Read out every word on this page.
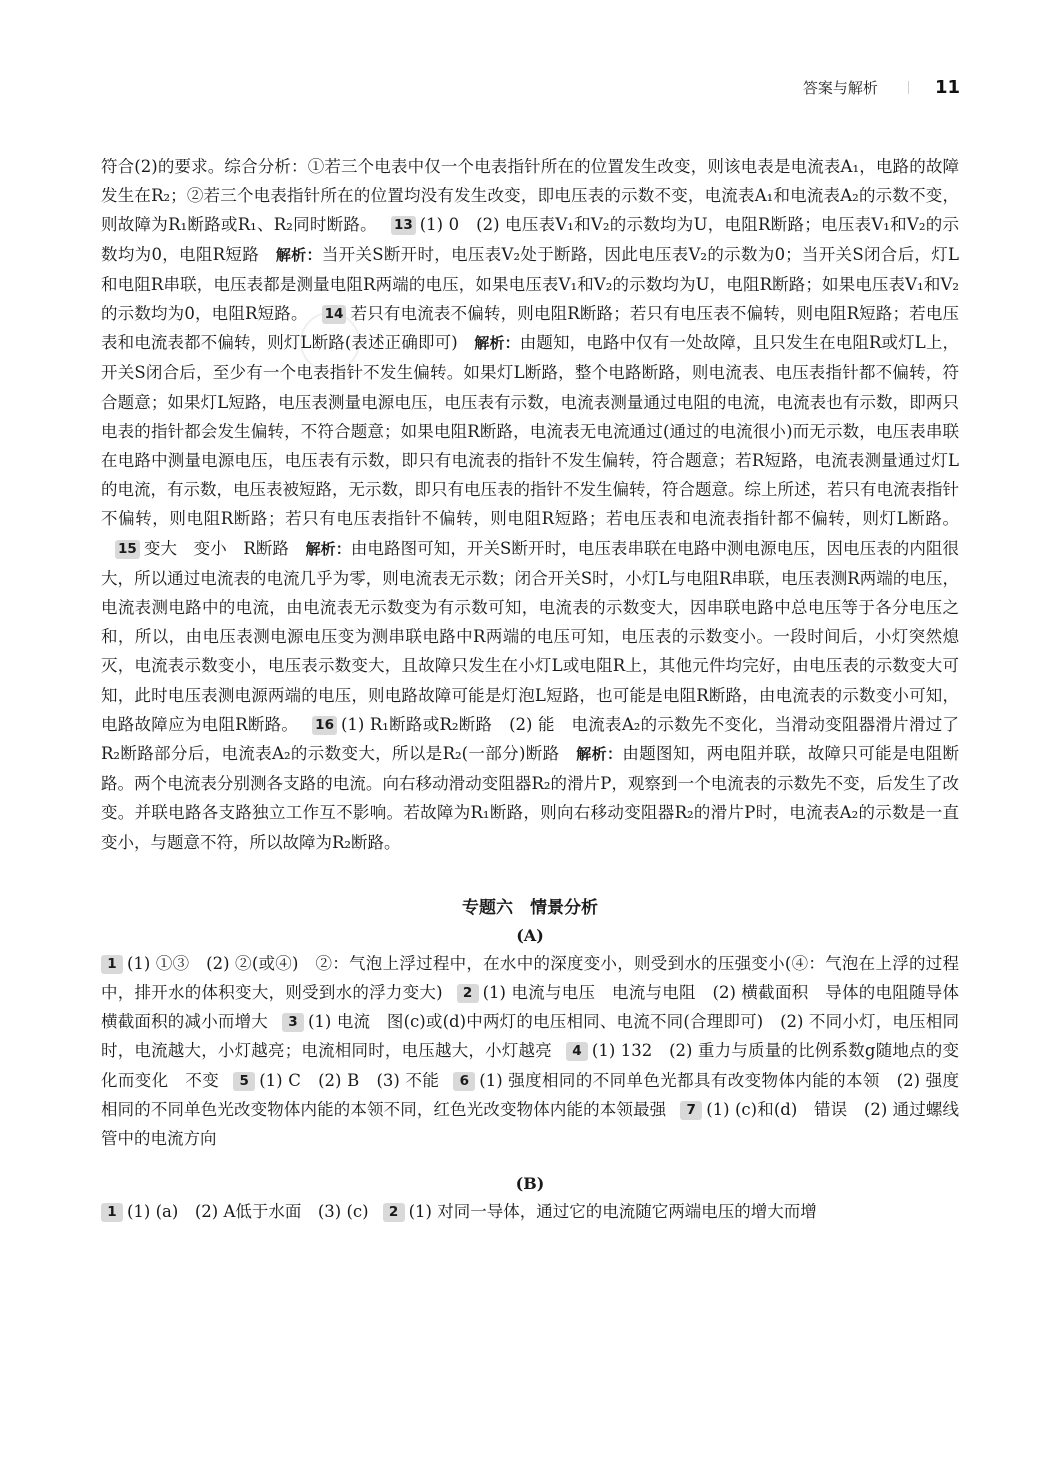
答案与解析	11

符合(2)的要求。综合分析：①若三个电表中仅一个电表指针所在的位置发生改变，则该电表是电流表A₁，电路的故障发生在R₂；②若三个电表指针所在的位置均没有发生改变，即电压表的示数不变，电流表A₁和电流表A₂的示数不变，则故障为R₁断路或R₁、R₂同时断路。 13 (1) 0　(2) 电压表V₁和V₂的示数均为U，电阻R断路；电压表V₁和V₂的示数均为0，电阻R短路　解析：当开关S断开时，电压表V₂处于断路，因此电压表V₂的示数为0；当开关S闭合后，灯L和电阻R串联，电压表都是测量电阻R两端的电压，如果电压表V₁和V₂的示数均为U，电阻R断路；如果电压表V₁和V₂的示数均为0，电阻R短路。 14 若只有电流表不偏转，则电阻R断路；若只有电压表不偏转，则电阻R短路；若电压表和电流表都不偏转，则灯L断路(表述正确即可)　解析：由题知，电路中仅有一处故障，且只发生在电阻R或灯L上，开关S闭合后，至少有一个电表指针不发生偏转。如果灯L断路，整个电路断路，则电流表、电压表指针都不偏转，符合题意；如果灯L短路，电压表测量电源电压，电压表有示数，电流表测量通过电阻的电流，电流表也有示数，即两只电表的指针都会发生偏转，不符合题意；如果电阻R断路，电流表无电流通过(通过的电流很小)而无示数，电压表串联在电路中测量电源电压，电压表有示数，即只有电流表的指针不发生偏转，符合题意；若R短路，电流表测量通过灯L的电流，有示数，电压表被短路，无示数，即只有电压表的指针不发生偏转，符合题意。综上所述，若只有电流表指针不偏转，则电阻R断路；若只有电压表指针不偏转，则电阻R短路；若电压表和电流表指针都不偏转，则灯L断路。15 变大　变小　R断路　解析：由电路图可知，开关S断开时，电压表串联在电路中测电源电压，因电压表的内阻很大，所以通过电流表的电流几乎为零，则电流表无示数；闭合开关S时，小灯L与电阻R串联，电压表测R两端的电压，电流表测电路中的电流，由电流表无示数变为有示数可知，电流表的示数变大，因串联电路中总电压等于各分电压之和，所以，由电压表测电源电压变为测串联电路中R两端的电压可知，电压表的示数变小。一段时间后，小灯突然熄灭，电流表示数变小，电压表示数变大，且故障只发生在小灯L或电阻R上，其他元件均完好，由电压表的示数变大可知，此时电压表测电源两端的电压，则电路故障可能是灯泡L短路，也可能是电阻R断路，由电流表的示数变小可知，电路故障应为电阻R断路。 16 (1) R₁断路或R₂断路　(2) 能　电流表A₂的示数先不变化，当滑动变阻器滑片滑过了R₂断路部分后，电流表A₂的示数变大，所以是R₂(一部分)断路　解析：由题图知，两电阻并联，故障只可能是电阻断路。两个电流表分别测各支路的电流。向右移动滑动变阻器R₂的滑片P，观察到一个电流表的示数先不变，后发生了改变。并联电路各支路独立工作互不影响。若故障为R₁断路，则向右移动变阻器R₂的滑片P时，电流表A₂的示数是一直变小，与题意不符，所以故障为R₂断路。

专题六　情景分析
(A)

1 (1) ①③　(2) ②(或④)　②：气泡上浮过程中，在水中的深度变小，则受到水的压强变小(④：气泡在上浮的过程中，排开水的体积变大，则受到水的浮力变大) 2 (1) 电流与电压　电流与电阻　(2) 横截面积　导体的电阻随导体横截面积的减小而增大 3 (1) 电流　图(c)或(d)中两灯的电压相同、电流不同(合理即可)　(2) 不同小灯，电压相同时，电流越大，小灯越亮；电流相同时，电压越大，小灯越亮 4 (1) 132　(2) 重力与质量的比例系数g随地点的变化而变化　不变 5 (1) C　(2) B　(3) 不能 6 (1) 强度相同的不同单色光都具有改变物体内能的本领　(2) 强度相同的不同单色光改变物体内能的本领不同，红色光改变物体内能的本领最强 7 (1) (c)和(d)　错误　(2) 通过螺线管中的电流方向

(B)

1 (1) (a)　(2) A低于水面　(3) (c) 2 (1) 对同一导体，通过它的电流随它两端电压的增大而增
